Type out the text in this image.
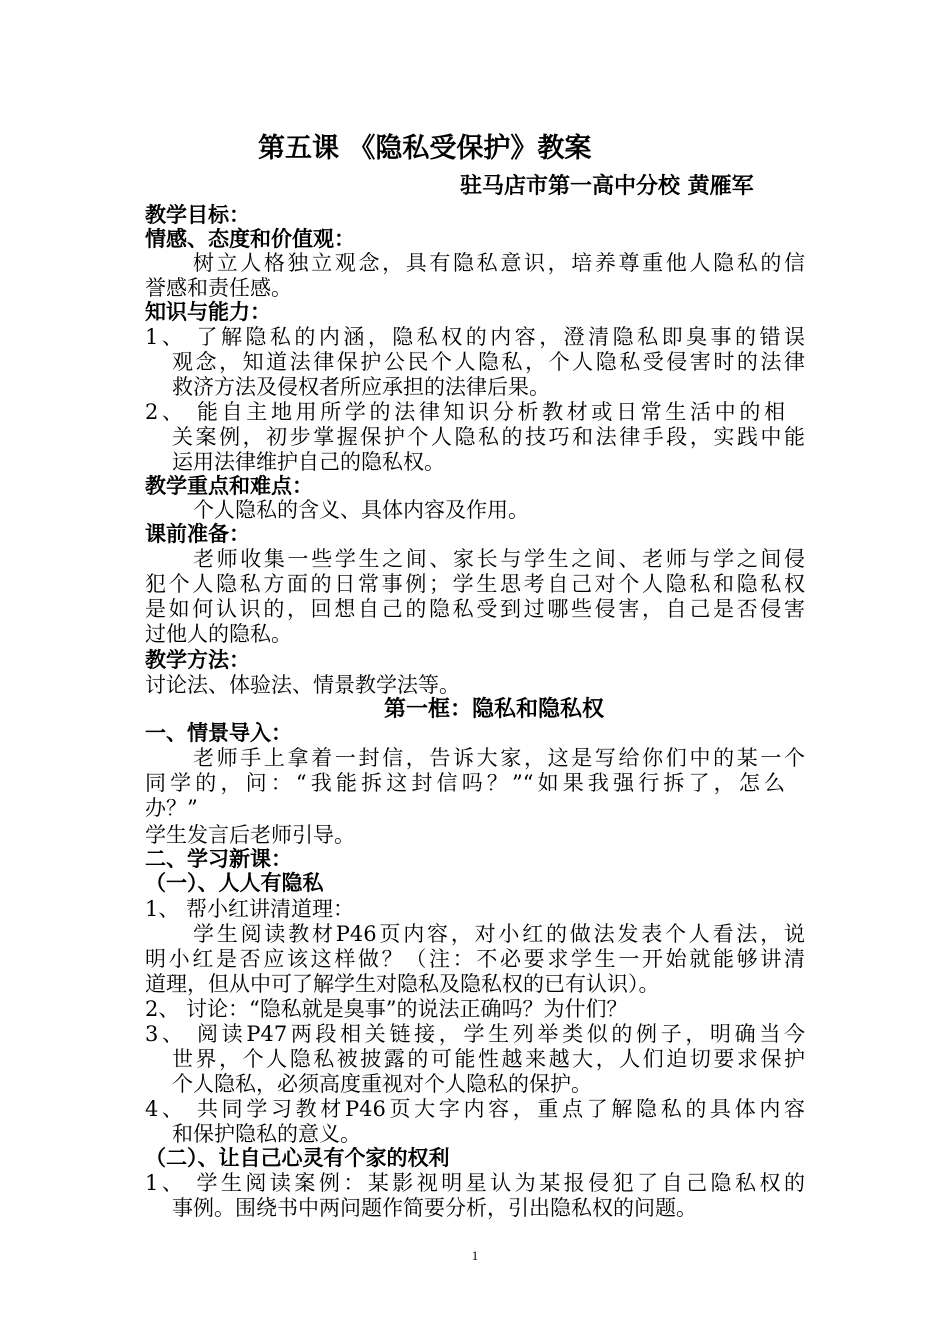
第五课 《隐私受保护》教案
驻马店市第一高中分校 黄雁军
教学目标：
情感、态度和价值观：
树立人格独立观念，具有隐私意识，培养尊重他人隐私的信
誉感和责任感。
知识与能力：
1、 了解隐私的内涵，隐私权的内容，澄清隐私即臭事的错误
观念，知道法律保护公民个人隐私，个人隐私受侵害时的法律
救济方法及侵权者所应承担的法律后果。
2、 能自主地用所学的法律知识分析教材或日常生活中的相
关案例，初步掌握保护个人隐私的技巧和法律手段，实践中能
运用法律维护自己的隐私权。
教学重点和难点：
个人隐私的含义、具体内容及作用。
课前准备：
老师收集一些学生之间、家长与学生之间、老师与学之间侵
犯个人隐私方面的日常事例；学生思考自己对个人隐私和隐私权
是如何认识的，回想自己的隐私受到过哪些侵害，自己是否侵害
过他人的隐私。
教学方法：
讨论法、体验法、情景教学法等。
第一框：隐私和隐私权
一、情景导入：
老师手上拿着一封信，告诉大家，这是写给你们中的某一个
同学的，问：“我能拆这封信吗？”“如果我强行拆了，怎么
办？”
学生发言后老师引导。
二、学习新课：
（一）、人人有隐私
1、 帮小红讲清道理：
学生阅读教材P46页内容，对小红的做法发表个人看法，说
明小红是否应该这样做？（注：不必要求学生一开始就能够讲清
道理，但从中可了解学生对隐私及隐私权的已有认识）。
2、 讨论：“隐私就是臭事”的说法正确吗？为什们？
3、 阅读P47两段相关链接，学生列举类似的例子，明确当今
世界，个人隐私被披露的可能性越来越大，人们迫切要求保护
个人隐私，必须高度重视对个人隐私的保护。
4、 共同学习教材P46页大字内容，重点了解隐私的具体内容
和保护隐私的意义。
（二）、让自己心灵有个家的权利
1、 学生阅读案例：某影视明星认为某报侵犯了自己隐私权的
事例。围绕书中两问题作简要分析，引出隐私权的问题。
1
